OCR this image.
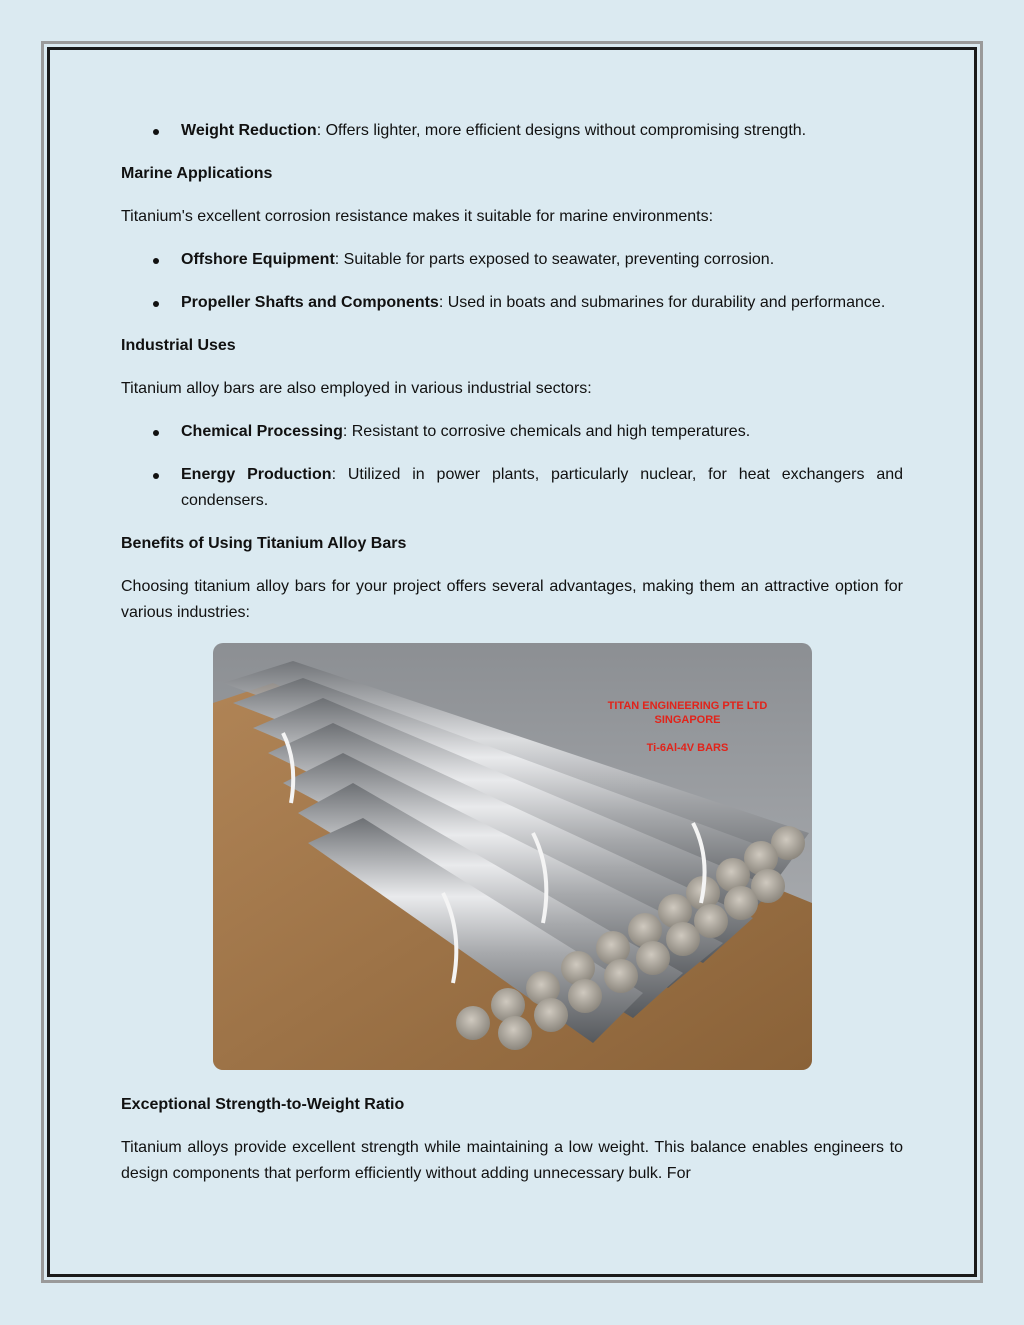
Weight Reduction: Offers lighter, more efficient designs without compromising strength.
Marine Applications

Titanium's excellent corrosion resistance makes it suitable for marine environments:

Offshore Equipment: Suitable for parts exposed to seawater, preventing corrosion.
Propeller Shafts and Components: Used in boats and submarines for durability and performance.
Industrial Uses

Titanium alloy bars are also employed in various industrial sectors:

Chemical Processing: Resistant to corrosive chemicals and high temperatures.
Energy Production: Utilized in power plants, particularly nuclear, for heat exchangers and condensers.
Benefits of Using Titanium Alloy Bars

Choosing titanium alloy bars for your project offers several advantages, making them an attractive option for various industries:

TITAN ENGINEERING PTE LTD
SINGAPORE
Ti-6Al-4V BARS
Exceptional Strength-to-Weight Ratio

Titanium alloys provide excellent strength while maintaining a low weight. This balance enables engineers to design components that perform efficiently without adding unnecessary bulk. For
